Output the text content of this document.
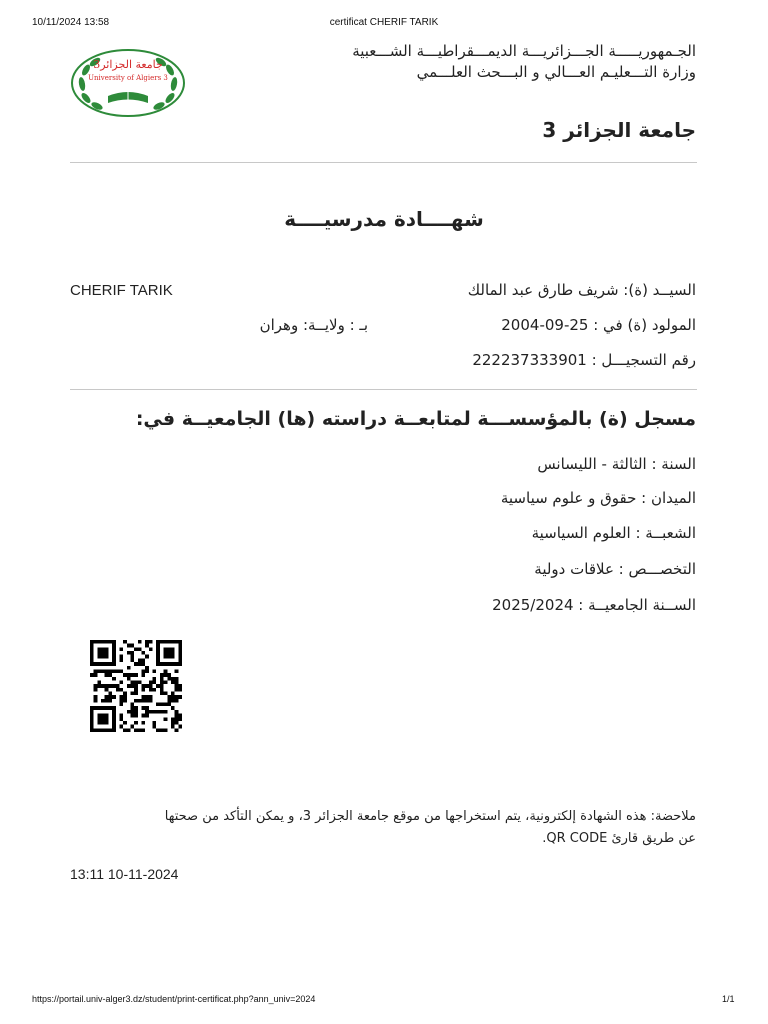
10/11/2024 13:58	certificat CHERIF TARIK
جامعة الجزائر3
University of Algiers 3
الجـمهوريـــــة الجـــزائريـــة الديمـــقراطيـــة الشـــعبية
وزارة التـــعليـم العـــالي و البـــحث العلـــمي
جامعة الجزائر 3
شهــــادة مدرسيــــة
CHERIF TARIK	السيــد (ة): شريف طارق عبد المالك
المولود (ة) في : 25-09-2004
بـ : ولايــة: وهران
رقم التسجيـــل : 222237333901
مسجل (ة) بالمؤسســـة لمتابعــة دراسته (ها) الجامعيــة في:
السنة : الثالثة - الليسانس
الميدان : حقوق و علوم سياسية
الشعبــة : العلوم السياسية
التخصـــص : علاقات دولية
الســنة الجامعيــة : 2025/2024
ملاحضة: هذه الشهادة إلكترونية، يتم استخراجها من موقع جامعة الجزائر 3، و يمكن التأكد من صحتها
عن طريق قارئ QR CODE.
13:11 10-11-2024
https://portail.univ-alger3.dz/student/print-certificat.php?ann_univ=2024	1/1
